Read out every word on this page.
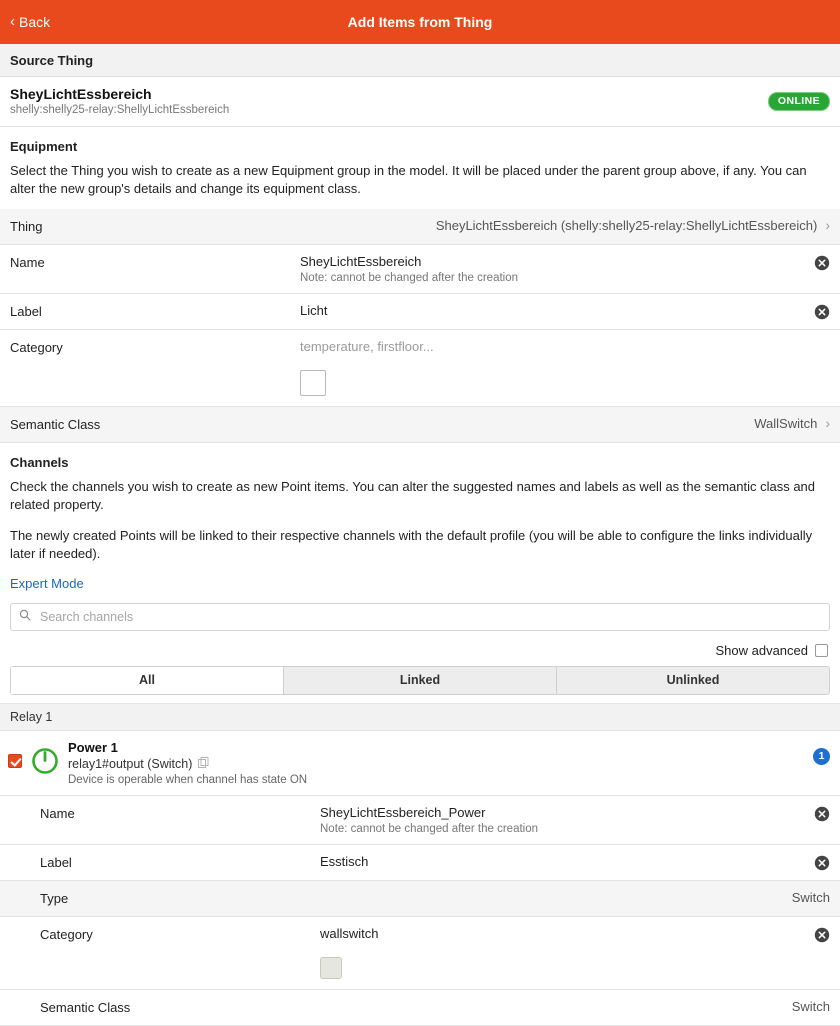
‹ Back	Add Items from Thing
Source Thing
SheyLichtEssbereich
shelly:shelly25-relay:ShellyLichtEssbereich
ONLINE
Equipment
Select the Thing you wish to create as a new Equipment group in the model. It will be placed under the parent group above, if any. You can alter the new group's details and change its equipment class.
Thing	SheyLichtEssbereich (shelly:shelly25-relay:ShellyLichtEssbereich) ›
Name	SheyLichtEssbereich
Note: cannot be changed after the creation
Label	Licht
Category	temperature, firstfloor...
Semantic Class	WallSwitch ›
Channels
Check the channels you wish to create as new Point items. You can alter the suggested names and labels as well as the semantic class and related property.
The newly created Points will be linked to their respective channels with the default profile (you will be able to configure the links individually later if needed).
Expert Mode
Search channels
Show advanced
All	Linked	Unlinked
Relay 1
Power 1
relay1#output (Switch)
Device is operable when channel has state ON
1
Name	SheyLichtEssbereich_Power
Note: cannot be changed after the creation
Label	Esstisch
Type	Switch
Category	wallswitch
Semantic Class	Switch
